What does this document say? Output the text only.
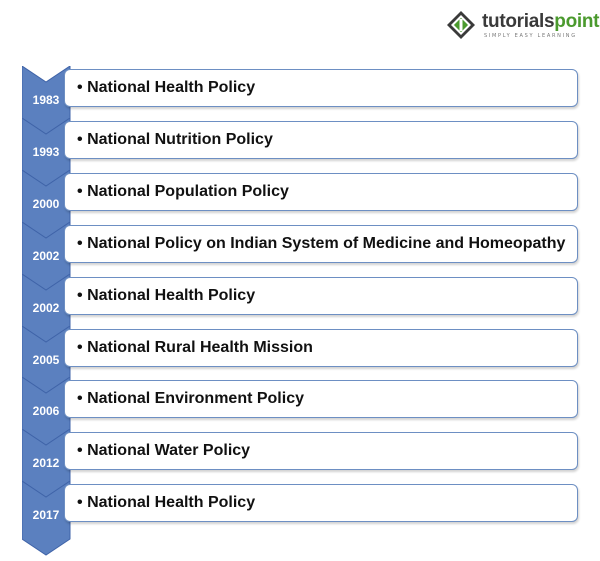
tutorialspoint
SIMPLY EASY LEARNING
1983
• National Health Policy
1993
• National Nutrition Policy
2000
• National Population Policy
2002
• National Policy on Indian System of Medicine and Homeopathy
2002
• National Health Policy
2005
• National Rural Health Mission
2006
• National Environment Policy
2012
• National Water Policy
2017
• National Health Policy
